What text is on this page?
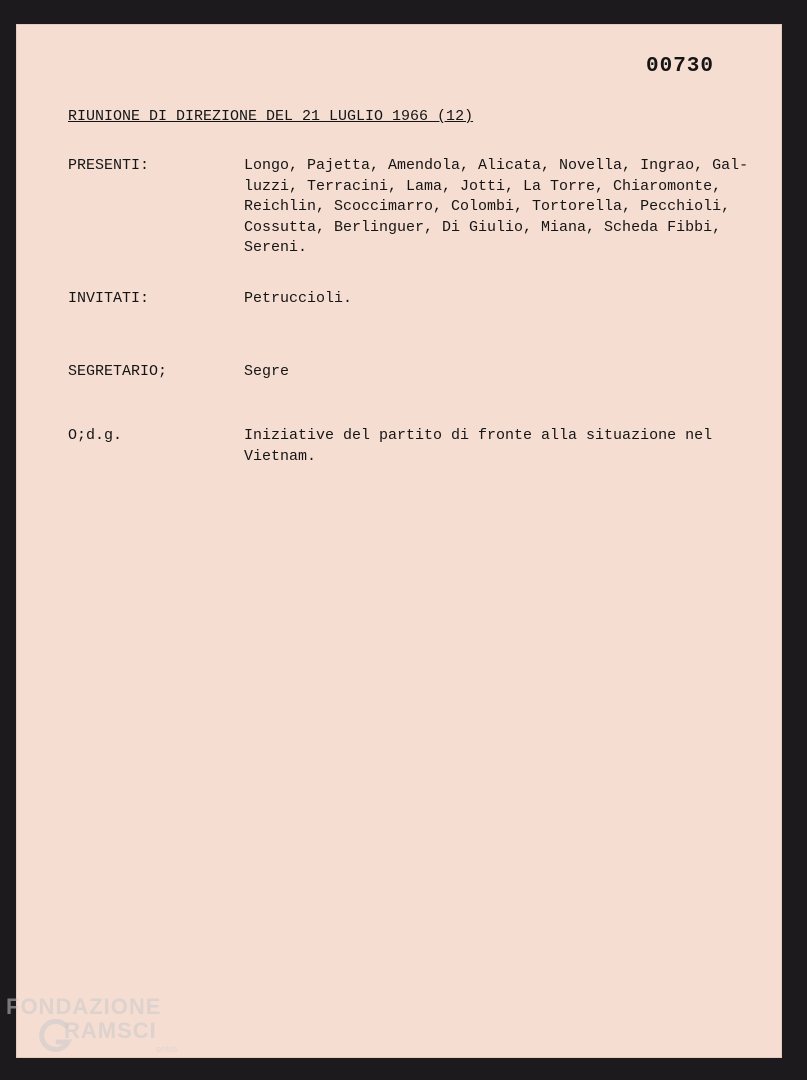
00730
RIUNIONE DI DIREZIONE DEL 21 LUGLIO 1966 (12)
PRESENTI:	Longo, Pajetta, Amendola, Alicata, Novella, Ingrao, Gal-
luzzi, Terracini, Lama, Jotti, La Torre, Chiaromonte,
Reichlin, Scoccimarro, Colombi, Tortorella, Pecchioli,
Cossutta, Berlinguer, Di Giulio, Miana, Scheda Fibbi,
Sereni.
INVITATI:	Petruccioli.
SEGRETARIO;	Segre
O;d.g.	Iniziative del partito di fronte alla situazione nel
Vietnam.
FONDAZIONE
RAMSCI
onlus
